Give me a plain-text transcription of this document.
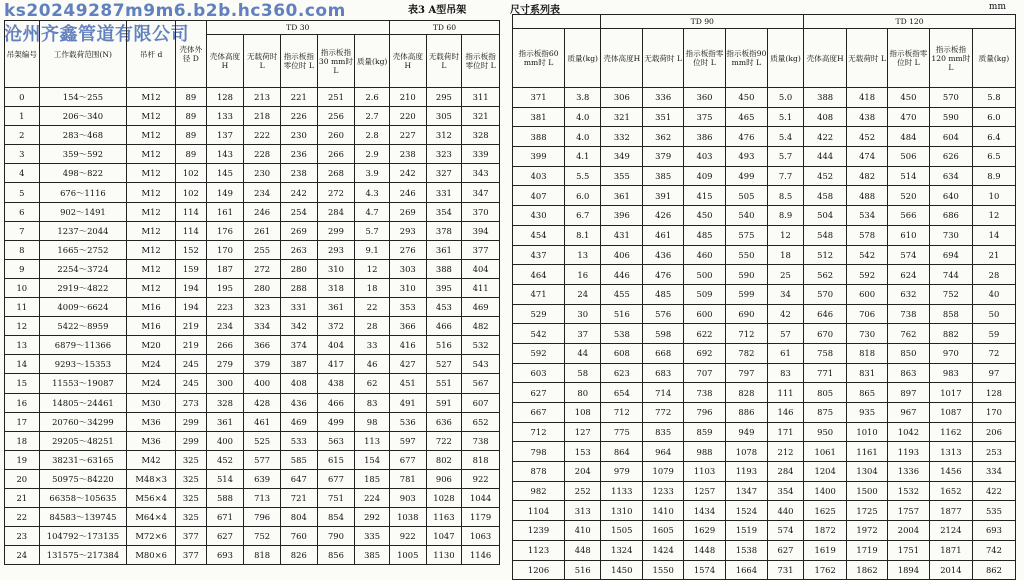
ks20249287m9m6.b2b.hc360.com
沧州齐鑫管道有限公司
表3 A型吊架	尺寸系列表	mm
吊架编号	工作载荷范围(N)	吊杆 d	壳体外径 D	TD 30					TD 60		
				壳体高度H	无载荷时 L	指示板指零位时 L	指示板指30 mm时 L	质量(kg)	壳体高度H	无载荷时 L	指示板指零位时 L
0	154～255	M12	89	128	213	221	251	2.6	210	295	311
1	206～340	M12	89	133	218	226	256	2.7	220	305	321
2	283～468	M12	89	137	222	230	260	2.8	227	312	328
3	359～592	M12	89	143	228	236	266	2.9	238	323	339
4	498～822	M12	102	145	230	238	268	3.9	242	327	343
5	676～1116	M12	102	149	234	242	272	4.3	246	331	347
6	902～1491	M12	114	161	246	254	284	4.7	269	354	370
7	1237～2044	M12	114	176	261	269	299	5.7	293	378	394
8	1665～2752	M12	152	170	255	263	293	9.1	276	361	377
9	2254～3724	M12	159	187	272	280	310	12	303	388	404
10	2919～4822	M12	194	195	280	288	318	18	310	395	411
11	4009～6624	M16	194	223	323	331	361	22	353	453	469
12	5422～8959	M16	219	234	334	342	372	28	366	466	482
13	6879～11366	M20	219	266	366	374	404	33	416	516	532
14	9293～15353	M24	245	279	379	387	417	46	427	527	543
15	11553～19087	M24	245	300	400	408	438	62	451	551	567
16	14805～24461	M30	273	328	428	436	466	83	491	591	607
17	20760～34299	M36	299	361	461	469	499	98	536	636	652
18	29205～48251	M36	299	400	525	533	563	113	597	722	738
19	38231～63165	M42	325	452	577	585	615	154	677	802	818
20	50975～84220	M48×3	325	514	639	647	677	185	781	906	922
21	66358～105635	M56×4	325	588	713	721	751	224	903	1028	1044
22	84583～139745	M64×4	325	671	796	804	854	292	1038	1163	1179
23	104792～173135	M72×6	377	627	752	760	790	335	922	1047	1063
24	131575～217384	M80×6	377	693	818	826	856	385	1005	1130	1146
		TD 90					TD 120				
指示板指60 mm时 L	质量(kg)	壳体高度H	无载荷时 L	指示板指零位时 L	指示板指90 mm时 L	质量(kg)	壳体高度H	无载荷时 L	指示板指零位时 L	指示板指120 mm时 L	质量(kg)
371	3.8	306	336	360	450	5.0	388	418	450	570	5.8
381	4.0	321	351	375	465	5.1	408	438	470	590	6.0
388	4.0	332	362	386	476	5.4	422	452	484	604	6.4
399	4.1	349	379	403	493	5.7	444	474	506	626	6.5
403	5.5	355	385	409	499	7.7	452	482	514	634	8.9
407	6.0	361	391	415	505	8.5	458	488	520	640	10
430	6.7	396	426	450	540	8.9	504	534	566	686	12
454	8.1	431	461	485	575	12	548	578	610	730	14
437	13	406	436	460	550	18	512	542	574	694	21
464	16	446	476	500	590	25	562	592	624	744	28
471	24	455	485	509	599	34	570	600	632	752	40
529	30	516	576	600	690	42	646	706	738	858	50
542	37	538	598	622	712	57	670	730	762	882	59
592	44	608	668	692	782	61	758	818	850	970	72
603	58	623	683	707	797	83	771	831	863	983	97
627	80	654	714	738	828	111	805	865	897	1017	128
667	108	712	772	796	886	146	875	935	967	1087	170
712	127	775	835	859	949	171	950	1010	1042	1162	206
798	153	864	964	988	1078	212	1061	1161	1193	1313	253
878	204	979	1079	1103	1193	284	1204	1304	1336	1456	334
982	252	1133	1233	1257	1347	354	1400	1500	1532	1652	422
1104	313	1310	1410	1434	1524	440	1625	1725	1757	1877	535
1239	410	1505	1605	1629	1519	574	1872	1972	2004	2124	693
1123	448	1324	1424	1448	1538	627	1619	1719	1751	1871	742
1206	516	1450	1550	1574	1664	731	1762	1862	1894	2014	862
